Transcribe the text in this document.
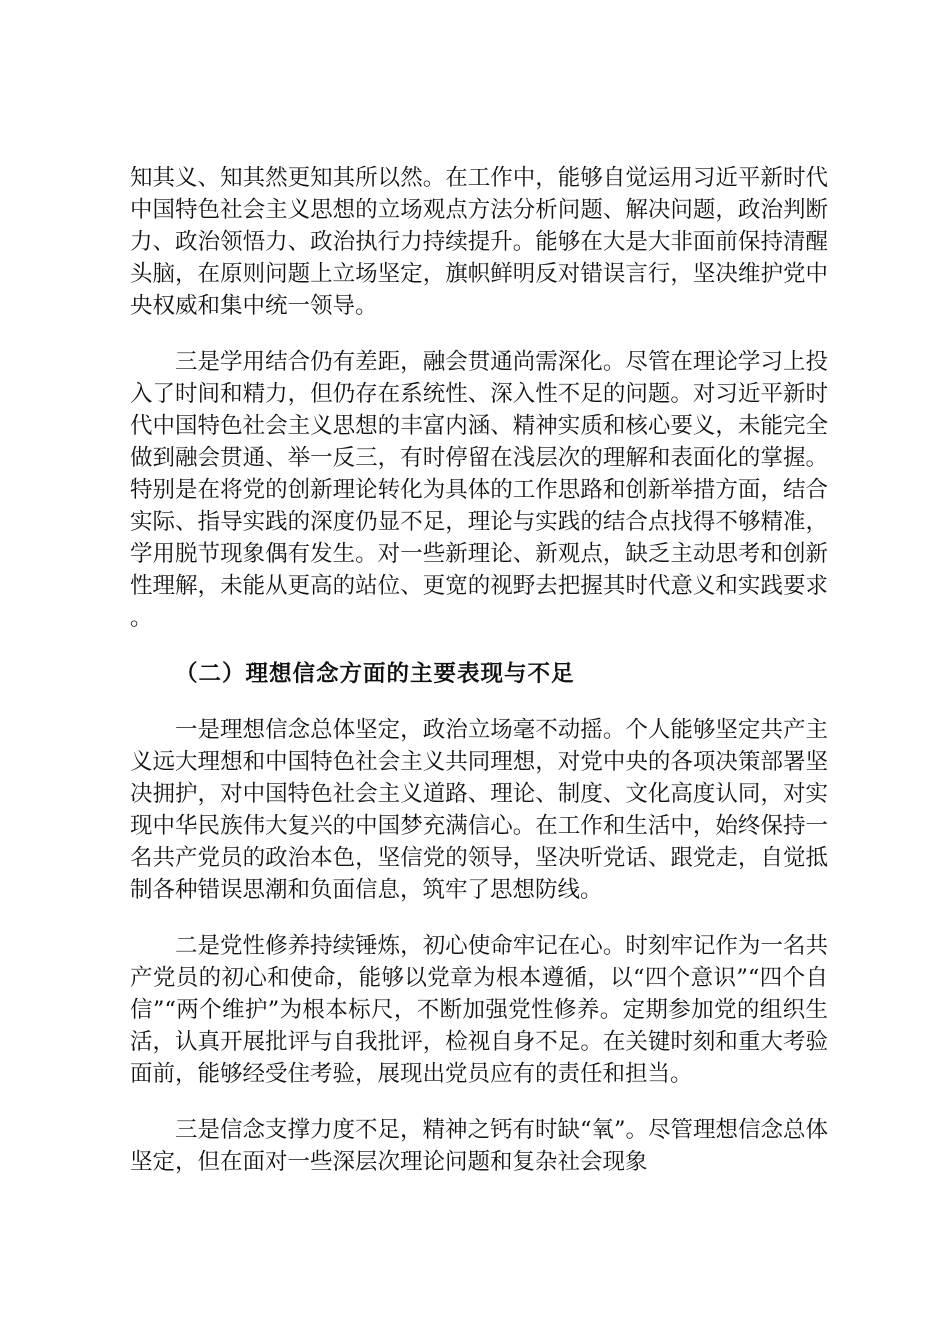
知其义、知其然更知其所以然。在工作中，能够自觉运用习近平新时代中国特色社会主义思想的立场观点方法分析问题、解决问题，政治判断力、政治领悟力、政治执行力持续提升。能够在大是大非面前保持清醒头脑，在原则问题上立场坚定，旗帜鲜明反对错误言行，坚决维护党中央权威和集中统一领导。

三是学用结合仍有差距，融会贯通尚需深化。尽管在理论学习上投入了时间和精力，但仍存在系统性、深入性不足的问题。对习近平新时代中国特色社会主义思想的丰富内涵、精神实质和核心要义，未能完全做到融会贯通、举一反三，有时停留在浅层次的理解和表面化的掌握。特别是在将党的创新理论转化为具体的工作思路和创新举措方面，结合实际、指导实践的深度仍显不足，理论与实践的结合点找得不够精准，学用脱节现象偶有发生。对一些新理论、新观点，缺乏主动思考和创新性理解，未能从更高的站位、更宽的视野去把握其时代意义和实践要求。

（二）理想信念方面的主要表现与不足

一是理想信念总体坚定，政治立场毫不动摇。个人能够坚定共产主义远大理想和中国特色社会主义共同理想，对党中央的各项决策部署坚决拥护，对中国特色社会主义道路、理论、制度、文化高度认同，对实现中华民族伟大复兴的中国梦充满信心。在工作和生活中，始终保持一名共产党员的政治本色，坚信党的领导，坚决听党话、跟党走，自觉抵制各种错误思潮和负面信息，筑牢了思想防线。

二是党性修养持续锤炼，初心使命牢记在心。时刻牢记作为一名共产党员的初心和使命，能够以党章为根本遵循，以“四个意识”“四个自信”“两个维护”为根本标尺，不断加强党性修养。定期参加党的组织生活，认真开展批评与自我批评，检视自身不足。在关键时刻和重大考验面前，能够经受住考验，展现出党员应有的责任和担当。

三是信念支撑力度不足，精神之钙有时缺“氧”。尽管理想信念总体坚定，但在面对一些深层次理论问题和复杂社会现象
